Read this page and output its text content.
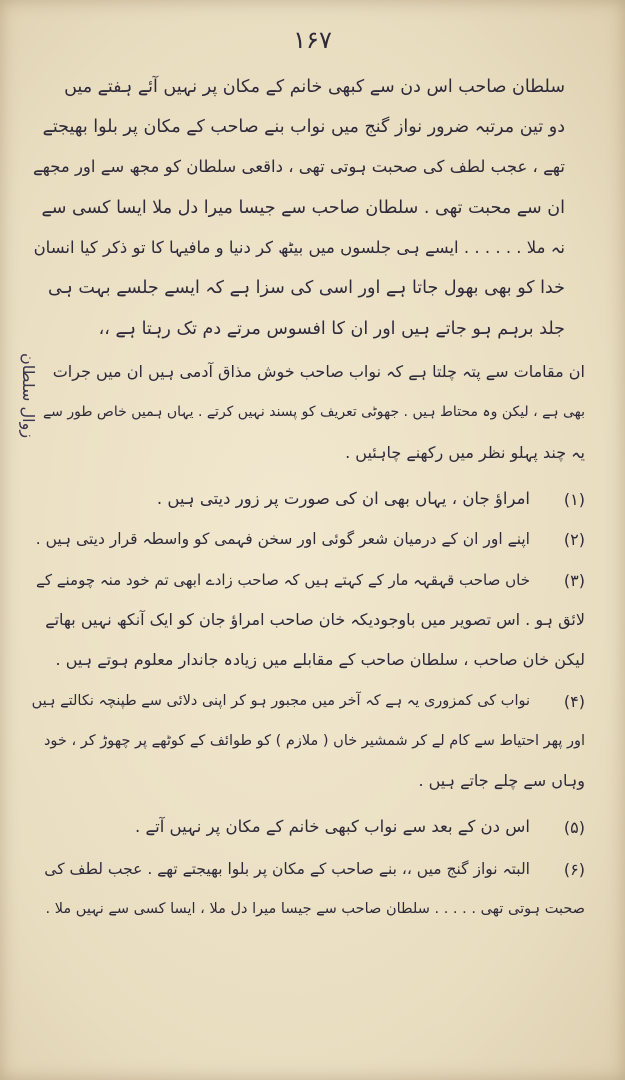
۱۶۷
زوال سلطان
سلطان صاحب اس دن سے کبھی خانم کے مکان پر نہیں آئے ہفتے میں
دو تین مرتبہ ضرور نواز گنج میں نواب بنے صاحب کے مکان پر بلوا بھیجتے
تھے ، عجب لطف کی صحبت ہوتی تھی ، داقعی سلطان کو مجھ سے اور مجھے
ان سے محبت تھی . سلطان صاحب سے جیسا میرا دل ملا ایسا کسی سے
نہ ملا . . . . . . ایسے ہی جلسوں میں بیٹھ کر دنیا و مافیہا کا تو ذکر کیا انسان
خدا کو بھی بھول جاتا ہے اور اسی کی سزا ہے کہ ایسے جلسے بہت ہی
جلد برہم ہو جاتے ہیں اور ان کا افسوس مرتے دم تک رہتا ہے ،،
ان مقامات سے پتہ چلتا ہے کہ نواب صاحب خوش مذاق آدمی ہیں ان میں جرات
بھی ہے ، لیکن وہ محتاط ہیں . جھوٹی تعریف کو پسند نہیں کرتے . یہاں ہمیں خاص طور سے
یہ چند پہلو نظر میں رکھنے چاہئیں .
(۱)
امراؤ جان ، یہاں بھی ان کی صورت پر زور دیتی ہیں .
(۲)
اپنے اور ان کے درمیان شعر گوئی اور سخن فہمی کو واسطہ قرار دیتی ہیں .
(۳)
خاں صاحب قہقہہ مار کے کہتے ہیں کہ صاحب زادے ابھی تم خود منہ چومنے کے
لائق ہو . اس تصویر میں باوجودیکہ خان صاحب امراؤ جان کو ایک آنکھ نہیں بھاتے
لیکن خان صاحب ، سلطان صاحب کے مقابلے میں زیادہ جاندار معلوم ہوتے ہیں .
(۴)
نواب کی کمزوری یہ ہے کہ آخر میں مجبور ہو کر اپنی دلائی سے طپنچہ نکالتے ہیں
اور پھر احتیاط سے کام لے کر شمشیر خاں ( ملازم ) کو طوائف کے کوٹھے پر چھوڑ کر ، خود
وہاں سے چلے جاتے ہیں .
(۵)
اس دن کے بعد سے نواب کبھی خانم کے مکان پر نہیں آتے .
(۶)
البتہ نواز گنج میں ،، بنے صاحب کے مکان پر بلوا بھیجتے تھے . عجب لطف کی
صحبت ہوتی تھی . . . . . سلطان صاحب سے جیسا میرا دل ملا ، ایسا کسی سے نہیں ملا .
